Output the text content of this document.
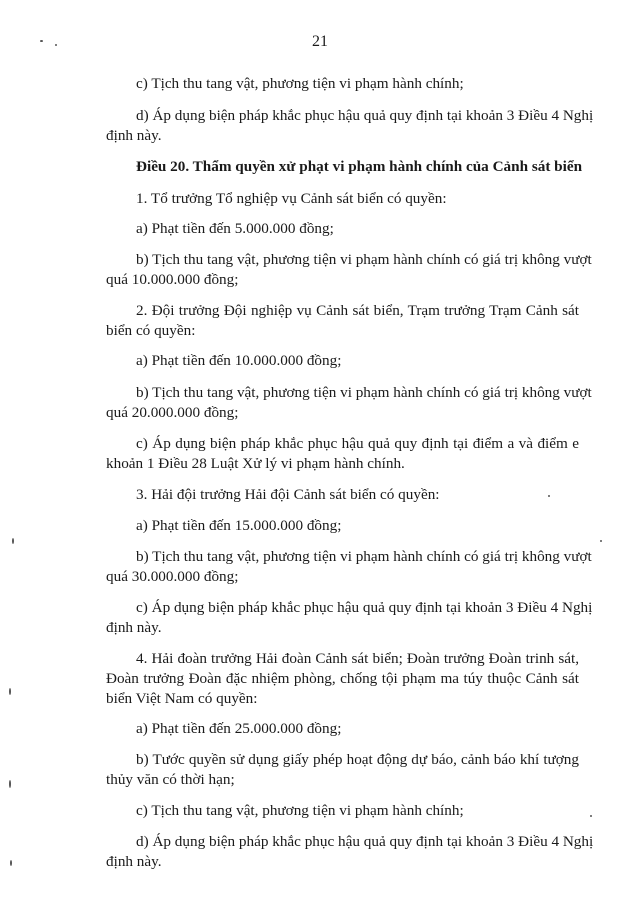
21
c) Tịch thu tang vật, phương tiện vi phạm hành chính;
d) Áp dụng biện pháp khắc phục hậu quả quy định tại khoản 3 Điều 4 Nghị
định này.
Điều 20. Thẩm quyền xử phạt vi phạm hành chính của Cảnh sát biển
1. Tổ trưởng Tổ nghiệp vụ Cảnh sát biển có quyền:
a) Phạt tiền đến 5.000.000 đồng;
b) Tịch thu tang vật, phương tiện vi phạm hành chính có giá trị không vượt
quá 10.000.000 đồng;
2. Đội trưởng Đội nghiệp vụ Cảnh sát biển, Trạm trưởng Trạm Cảnh sát
biển có quyền:
a) Phạt tiền đến 10.000.000 đồng;
b) Tịch thu tang vật, phương tiện vi phạm hành chính có giá trị không vượt
quá 20.000.000 đồng;
c) Áp dụng biện pháp khắc phục hậu quả quy định tại điểm a và điểm e
khoản 1 Điều 28 Luật Xử lý vi phạm hành chính.
3. Hải đội trưởng Hải đội Cảnh sát biển có quyền:
a) Phạt tiền đến 15.000.000 đồng;
b) Tịch thu tang vật, phương tiện vi phạm hành chính có giá trị không vượt
quá 30.000.000 đồng;
c) Áp dụng biện pháp khắc phục hậu quả quy định tại khoản 3 Điều 4 Nghị
định này.
4. Hải đoàn trưởng Hải đoàn Cảnh sát biển; Đoàn trưởng Đoàn trinh sát,
Đoàn trưởng Đoàn đặc nhiệm phòng, chống tội phạm ma túy thuộc Cảnh sát
biển Việt Nam có quyền:
a) Phạt tiền đến 25.000.000 đồng;
b) Tước quyền sử dụng giấy phép hoạt động dự báo, cảnh báo khí tượng
thủy văn có thời hạn;
c) Tịch thu tang vật, phương tiện vi phạm hành chính;
d) Áp dụng biện pháp khắc phục hậu quả quy định tại khoản 3 Điều 4 Nghị
định này.
